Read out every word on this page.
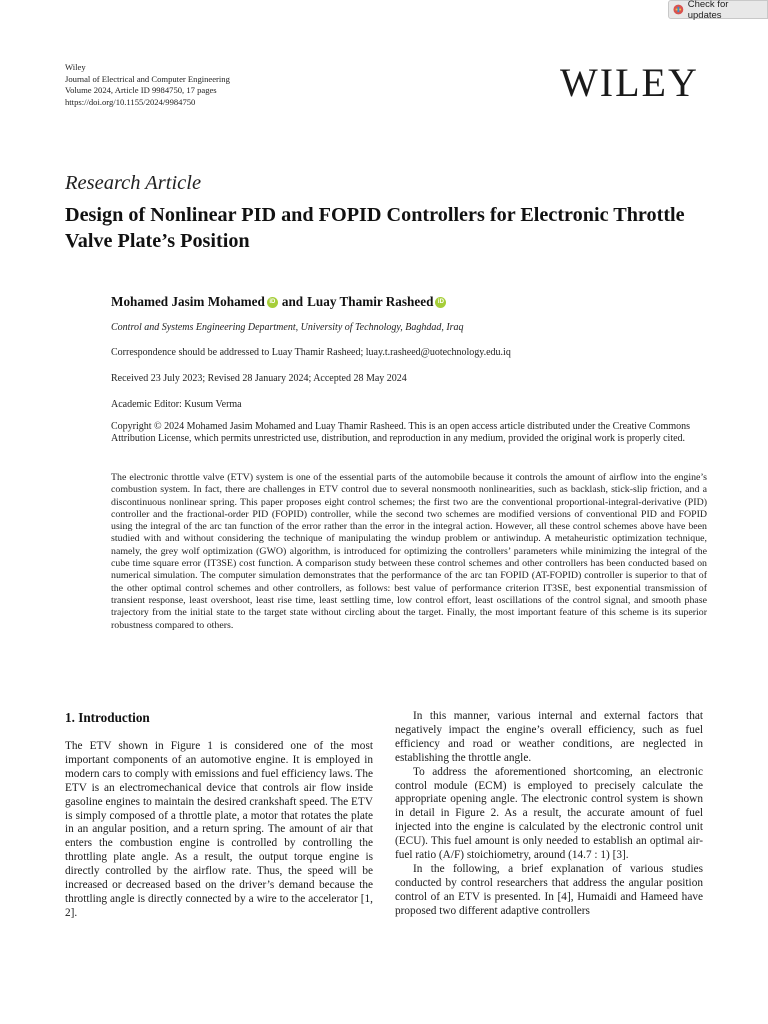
Check for updates
Wiley
Journal of Electrical and Computer Engineering
Volume 2024, Article ID 9984750, 17 pages
https://doi.org/10.1155/2024/9984750	WILEY
Research Article
Design of Nonlinear PID and FOPID Controllers for Electronic Throttle Valve Plate’s Position
Mohamed Jasim Mohamed iD and Luay Thamir Rasheed iD
Control and Systems Engineering Department, University of Technology, Baghdad, Iraq
Correspondence should be addressed to Luay Thamir Rasheed; luay.t.rasheed@uotechnology.edu.iq
Received 23 July 2023; Revised 28 January 2024; Accepted 28 May 2024
Academic Editor: Kusum Verma
Copyright © 2024 Mohamed Jasim Mohamed and Luay Thamir Rasheed. This is an open access article distributed under the Creative Commons Attribution License, which permits unrestricted use, distribution, and reproduction in any medium, provided the original work is properly cited.
The electronic throttle valve (ETV) system is one of the essential parts of the automobile because it controls the amount of airflow into the engine’s combustion system. In fact, there are challenges in ETV control due to several nonsmooth nonlinearities, such as backlash, stick-slip friction, and a discontinuous nonlinear spring. This paper proposes eight control schemes; the first two are the conventional proportional-integral-derivative (PID) controller and the fractional-order PID (FOPID) controller, while the second two schemes are modified versions of conventional PID and FOPID using the integral of the arc tan function of the error rather than the error in the integral action. However, all these control schemes above have been studied with and without considering the technique of manipulating the windup problem or antiwindup. A metaheuristic optimization technique, namely, the grey wolf optimization (GWO) algorithm, is introduced for optimizing the controllers’ parameters while minimizing the integral of the cube time square error (IT3SE) cost function. A comparison study between these control schemes and other controllers has been conducted based on numerical simulation. The computer simulation demonstrates that the performance of the arc tan FOPID (AT-FOPID) controller is superior to that of the other optimal control schemes and other controllers, as follows: best value of performance criterion IT3SE, best exponential transmission of transient response, least overshoot, least rise time, least settling time, low control effort, least oscillations of the control signal, and smooth phase trajectory from the initial state to the target state without circling about the target. Finally, the most important feature of this scheme is its superior robustness compared to others.
1. Introduction

The ETV shown in Figure 1 is considered one of the most important components of an automotive engine. It is employed in modern cars to comply with emissions and fuel efficiency laws. The ETV is an electromechanical device that controls air flow inside gasoline engines to maintain the desired crankshaft speed. The ETV is simply composed of a throttle plate, a motor that rotates the plate in an angular position, and a return spring. The amount of air that enters the combustion engine is controlled by controlling the throttling plate angle. As a result, the output torque engine is directly controlled by the airflow rate. Thus, the speed will be increased or decreased based on the driver’s demand because the throttling angle is directly connected by a wire to the accelerator [1, 2].

In this manner, various internal and external factors that negatively impact the engine’s overall efficiency, such as fuel efficiency and road or weather conditions, are neglected in establishing the throttle angle.

To address the aforementioned shortcoming, an electronic control module (ECM) is employed to precisely calculate the appropriate opening angle. The electronic control system is shown in detail in Figure 2. As a result, the accurate amount of fuel injected into the engine is calculated by the electronic control unit (ECU). This fuel amount is only needed to establish an optimal air-fuel ratio (A/F) stoichiometry, around (14.7 : 1) [3].

In the following, a brief explanation of various studies conducted by control researchers that address the angular position control of an ETV is presented. In [4], Humaidi and Hameed have proposed two different adaptive controllers
